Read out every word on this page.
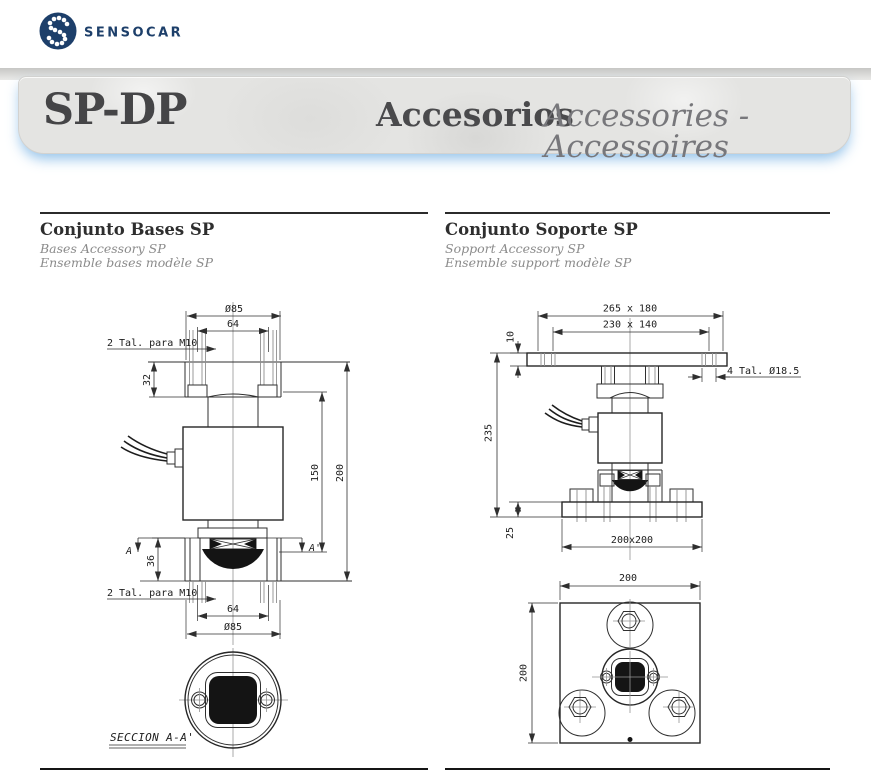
SENSOCAR
SP-DP	Accesorios
Accessories - Accessoires
Conjunto Bases SP
Bases Accessory SP
Ensemble bases modèle SP
Conjunto Soporte SP
Sopport Accessory SP
Ensemble support modèle SP
Ø85
64
2 Tal. para M10
32
150 200
36
A	A'
2 Tal. para M10
64
Ø85
SECCION A-A'
265 x 180
230 x 140
10
4 Tal. Ø18.5
235
25
200x200
200
200
